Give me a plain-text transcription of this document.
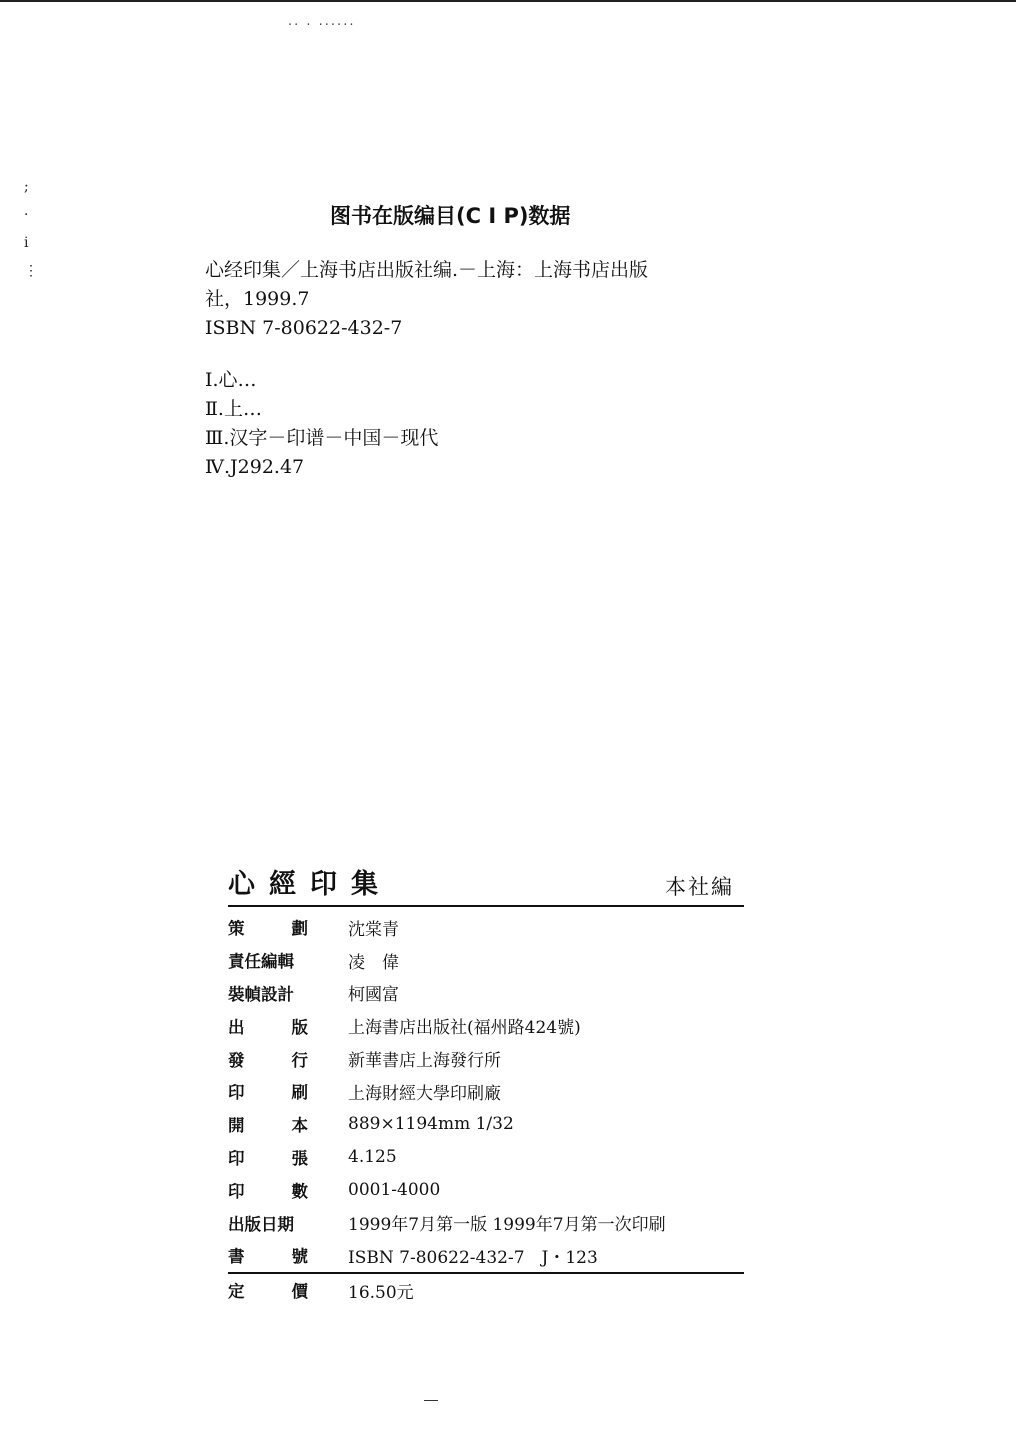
·· · ······
;
·
i
⋮
图书在版编目(C I P)数据
心经印集／上海书店出版社编.－上海：上海书店出版
社，1999.7
ISBN 7-80622-432-7
Ⅰ.心…
Ⅱ.上…
Ⅲ.汉字－印谱－中国－现代
Ⅳ.J292.47
心經印集	本社編
策	劃 沈棠青
責任編輯	凌　偉
裝幀設計	柯國富
出	版 上海書店出版社(福州路424號)
發	行 新華書店上海發行所
印	刷 上海財經大學印刷廠
開	本 889×1194mm 1/32
印	張 4.125
印	數 0001-4000
出版日期	1999年7月第一版 1999年7月第一次印刷
書	號 ISBN 7-80622-432-7　J・123
定	價 16.50元
